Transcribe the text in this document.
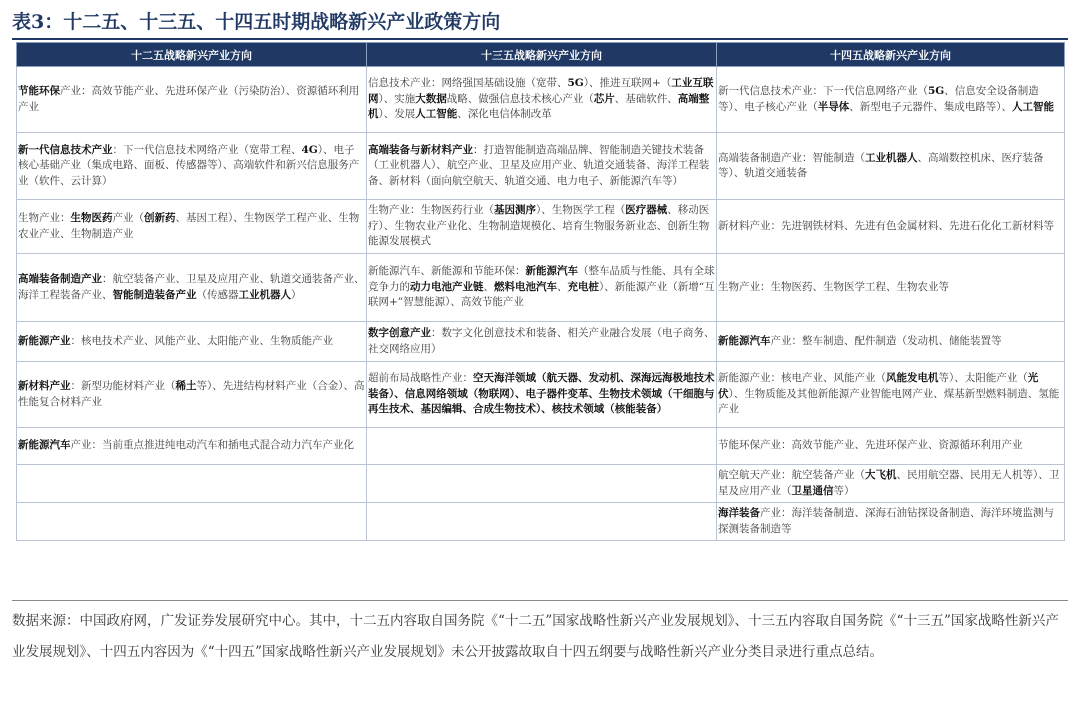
表3：十二五、十三五、十四五时期战略新兴产业政策方向
十二五战略新兴产业方向	十三五战略新兴产业方向	十四五战略新兴产业方向
节能环保产业：高效节能产业、先进环保产业（污染防治）、资源循环利用产业	信息技术产业：网络强国基础设施（宽带、5G）、推进互联网+（工业互联网）、实施大数据战略、做强信息技术核心产业（芯片、基础软件、高端整机）、发展人工智能、深化电信体制改革	新一代信息技术产业：下一代信息网络产业（5G、信息安全设备制造等）、电子核心产业（半导体、新型电子元器件、集成电路等）、人工智能
新一代信息技术产业：下一代信息技术网络产业（宽带工程、4G）、电子核心基础产业（集成电路、面板、传感器等）、高端软件和新兴信息服务产业（软件、云计算）	高端装备与新材料产业：打造智能制造高端品牌、智能制造关键技术装备（工业机器人）、航空产业、卫星及应用产业、轨道交通装备、海洋工程装备、新材料（面向航空航天、轨道交通、电力电子、新能源汽车等）	高端装备制造产业：智能制造（工业机器人、高端数控机床、医疗装备等）、轨道交通装备
生物产业：生物医药产业（创新药、基因工程）、生物医学工程产业、生物农业产业、生物制造产业	生物产业：生物医药行业（基因测序）、生物医学工程（医疗器械、移动医疗）、生物农业产业化、生物制造规模化、培育生物服务新业态、创新生物能源发展模式	新材料产业：先进钢铁材料、先进有色金属材料、先进石化化工新材料等
高端装备制造产业：航空装备产业、卫星及应用产业、轨道交通装备产业、海洋工程装备产业、智能制造装备产业（传感器工业机器人）	新能源汽车、新能源和节能环保：新能源汽车（整车品质与性能、具有全球竞争力的动力电池产业链、燃料电池汽车、充电桩）、新能源产业（新增“互联网+”智慧能源）、高效节能产业	生物产业：生物医药、生物医学工程、生物农业等
新能源产业：核电技术产业、风能产业、太阳能产业、生物质能产业	数字创意产业：数字文化创意技术和装备、相关产业融合发展（电子商务、社交网络应用）	新能源汽车产业：整车制造、配件制造（发动机、储能装置等
新材料产业：新型功能材料产业（稀土等）、先进结构材料产业（合金）、高性能复合材料产业	超前布局战略性产业：空天海洋领域（航天器、发动机、深海远海极地技术装备）、信息网络领域（物联网）、电子器件变革、生物技术领域（干细胞与再生技术、基因编辑、合成生物技术）、核技术领域（核能装备）	新能源产业：核电产业、风能产业（风能发电机等）、太阳能产业（光伏）、生物质能及其他新能源产业智能电网产业、煤基新型燃料制造、氢能产业
新能源汽车产业：当前重点推进纯电动汽车和插电式混合动力汽车产业化		节能环保产业：高效节能产业、先进环保产业、资源循环利用产业
		航空航天产业：航空装备产业（大飞机、民用航空器、民用无人机等）、卫星及应用产业（卫星通信等）
		海洋装备产业：海洋装备制造、深海石油钻探设备制造、海洋环境监测与探测装备制造等
数据来源：中国政府网，广发证券发展研究中心。其中，十二五内容取自国务院《“十二五”国家战略性新兴产业发展规划》、十三五内容取自国务院《“十三五”国家战略性新兴产业发展规划》、十四五内容因为《“十四五”国家战略性新兴产业发展规划》未公开披露故取自十四五纲要与战略性新兴产业分类目录进行重点总结。
